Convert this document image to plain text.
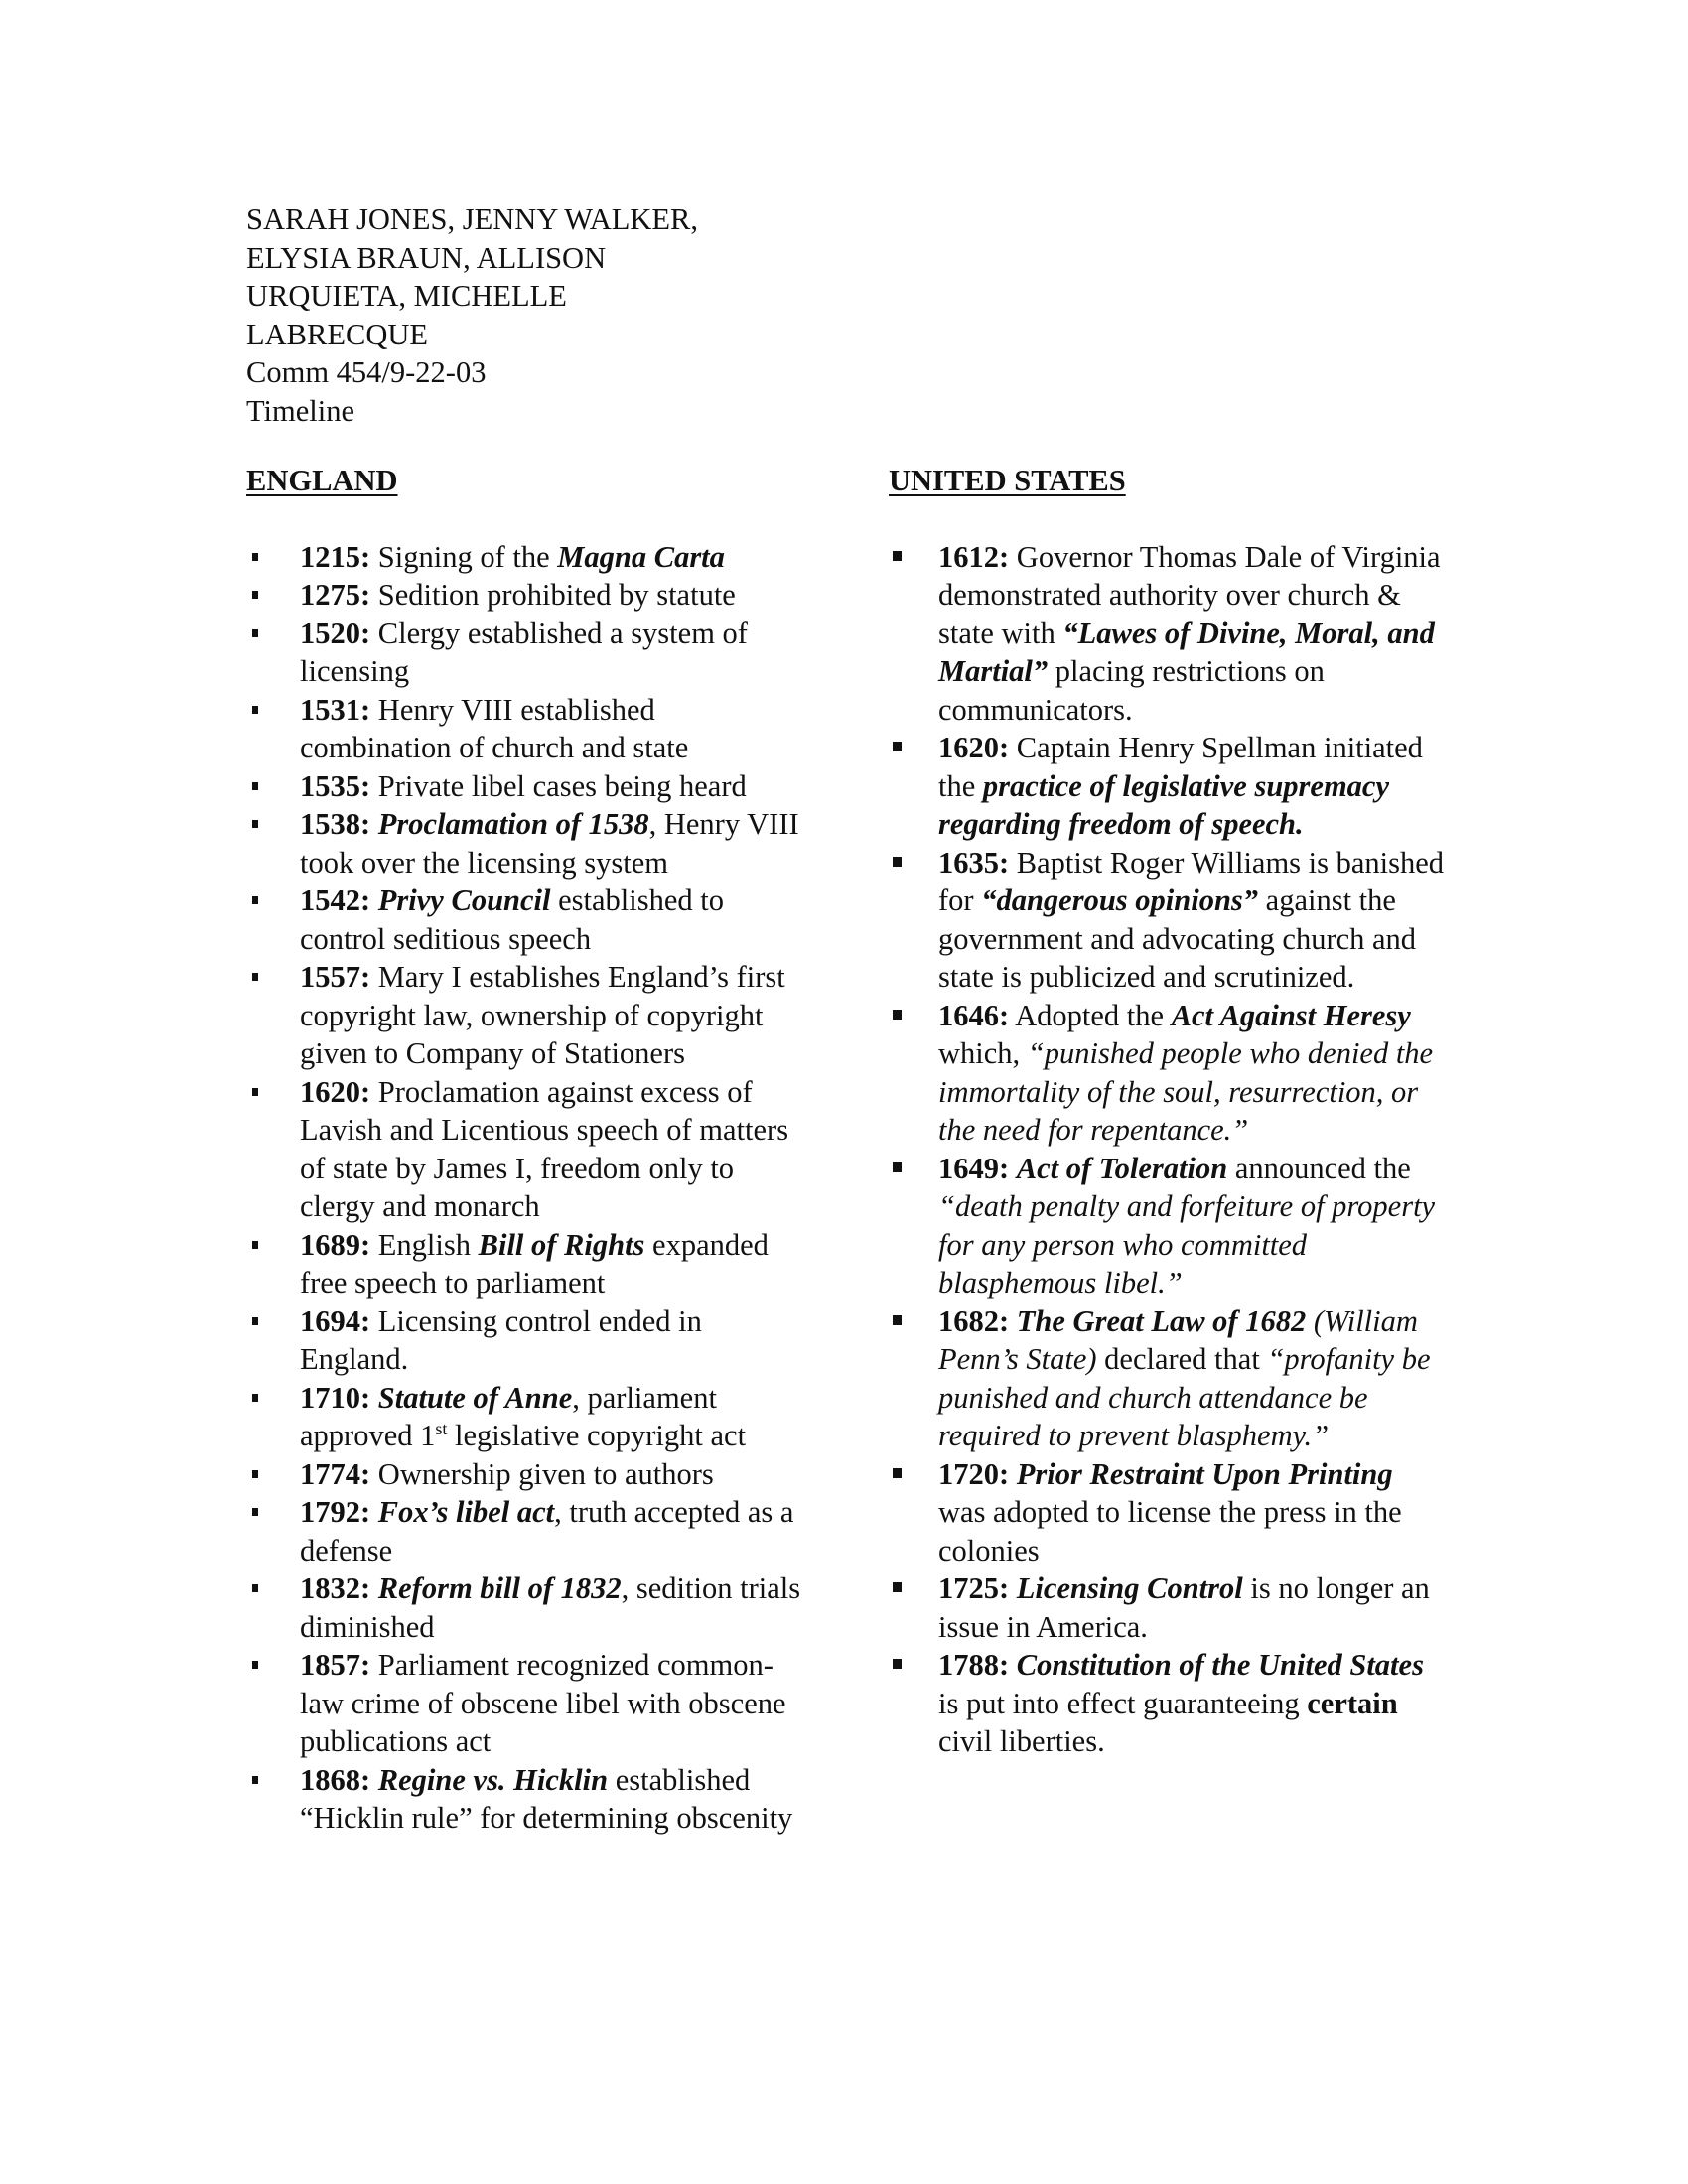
SARAH JONES, JENNY WALKER,
ELYSIA BRAUN, ALLISON
URQUIETA, MICHELLE
LABRECQUE
Comm 454/9-22-03
Timeline
ENGLAND
1215: Signing of the Magna Carta
1275: Sedition prohibited by statute
1520: Clergy established a system of licensing
1531: Henry VIII established combination of church and state
1535: Private libel cases being heard
1538: Proclamation of 1538, Henry VIII took over the licensing system
1542: Privy Council established to control seditious speech
1557: Mary I establishes England’s first copyright law, ownership of copyright given to Company of Stationers
1620: Proclamation against excess of Lavish and Licentious speech of matters of state by James I, freedom only to clergy and monarch
1689: English Bill of Rights expanded free speech to parliament
1694: Licensing control ended in England.
1710: Statute of Anne, parliament approved 1st legislative copyright act
1774: Ownership given to authors
1792: Fox’s libel act, truth accepted as a defense
1832: Reform bill of 1832, sedition trials diminished
1857: Parliament recognized common-law crime of obscene libel with obscene publications act
1868: Regine vs. Hicklin established “Hicklin rule” for determining obscenity
UNITED STATES
1612: Governor Thomas Dale of Virginia demonstrated authority over church & state with “Lawes of Divine, Moral, and Martial” placing restrictions on communicators.
1620: Captain Henry Spellman initiated the practice of legislative supremacy regarding freedom of speech.
1635: Baptist Roger Williams is banished for “dangerous opinions” against the government and advocating church and state is publicized and scrutinized.
1646: Adopted the Act Against Heresy which, “punished people who denied the immortality of the soul, resurrection, or the need for repentance.”
1649: Act of Toleration announced the “death penalty and forfeiture of property for any person who committed blasphemous libel.”
1682: The Great Law of 1682 (William Penn’s State) declared that “profanity be punished and church attendance be required to prevent blasphemy.”
1720: Prior Restraint Upon Printing was adopted to license the press in the colonies
1725: Licensing Control is no longer an issue in America.
1788: Constitution of the United States is put into effect guaranteeing certain civil liberties.
